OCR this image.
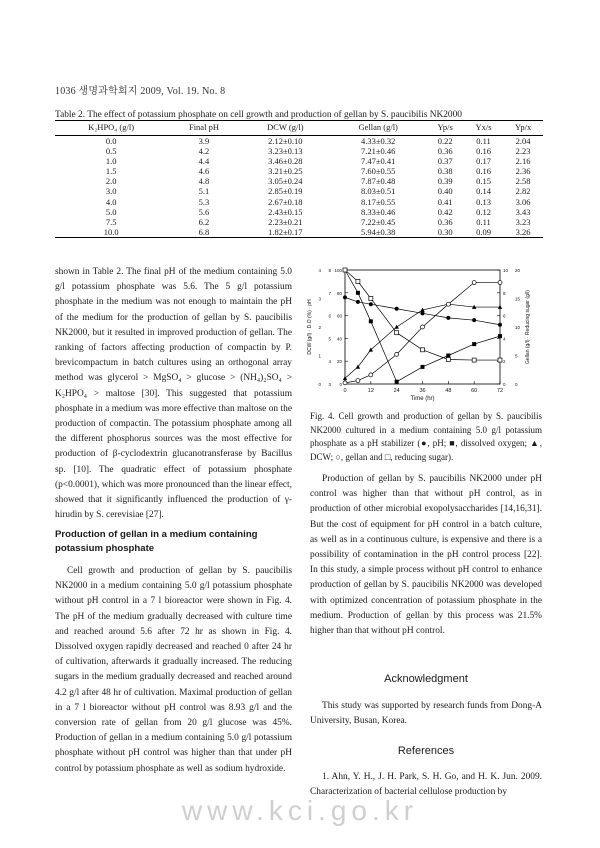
1036 생명과학회지 2009, Vol. 19. No. 8
Table 2. The effect of potassium phosphate on cell growth and production of gellan by S. paucibilis NK2000
K₂HPO₄ (g/l)	Final pH	DCW (g/l)	Gellan (g/l)	Yp/s	Yx/s	Yp/x
0.0	3.9	2.12±0.10	4.33±0.32	0.22	0.11	2.04
0.5	4.2	3.23±0.13	7.21±0.46	0.36	0.16	2.23
1.0	4.4	3.46±0.28	7.47±0.41	0.37	0.17	2.16
1.5	4.6	3.21±0.25	7.60±0.55	0.38	0.16	2.36
2.0	4.8	3.05±0.24	7.87±0.48	0.39	0.15	2.58
3.0	5.1	2.85±0.19	8.03±0.51	0.40	0.14	2.82
4.0	5.3	2.67±0.18	8.17±0.55	0.41	0.13	3.06
5.0	5.6	2.43±0.15	8.33±0.46	0.42	0.12	3.43
7.5	6.2	2.23±0.21	7.22±0.45	0.36	0.11	3.23
10.0	6.8	1.82±0.17	5.94±0.38	0.30	0.09	3.26
shown in Table 2. The final pH of the medium containing 5.0 g/l potassium phosphate was 5.6. The 5 g/l potassium phosphate in the medium was not enough to maintain the pH of the medium for the production of gellan by S. paucibilis NK2000, but it resulted in improved production of gellan. The ranking of factors affecting production of compactin by P. brevicompactum in batch cultures using an orthogonal array method was glycerol > MgSO₄ > glucose > (NH₄)₂SO₄ > K₂HPO₄ > maltose [30]. This suggested that potassium phosphate in a medium was more effective than maltose on the production of compactin. The potassium phosphate among all the different phosphorus sources was the most effective for production of β-cyclodextrin glucanotransferase by Bacillus sp. [10]. The quadratic effect of potassium phosphate (p<0.0001), which was more pronounced than the linear effect, showed that it significantly influenced the production of γ-hirudin by S. cerevisiae [27].
Production of gellan in a medium containing potassium phosphate
Cell growth and production of gellan by S. paucibilis NK2000 in a medium containing 5.0 g/l potassium phosphate without pH control in a 7 l bioreactor were shown in Fig. 4. The pH of the medium gradually decreased with culture time and reached around 5.6 after 72 hr as shown in Fig. 4. Dissolved oxygen rapidly decreased and reached 0 after 24 hr of cultivation, afterwards it gradually increased. The reducing sugars in the medium gradually decreased and reached around 4.2 g/l after 48 hr of cultivation. Maximal production of gellan in a 7 l bioreactor without pH control was 8.93 g/l and the conversion rate of gellan from 20 g/l glucose was 45%. Production of gellan in a medium containing 5.0 g/l potassium phosphate without pH control was higher than that under pH control by potassium phosphate as well as sodium hydroxide.
0	12	24	36	48	60	72
Time (hr)
100
8
80
7
60
6
40
5
20
4
0
3
4
3
2
1
0
10
8
6
4
2
0
20
15
10
5
0
DCW (g/l) · D.O (%) · pH	Gellan (g/l) · Reducing sugar (g/l)
Fig. 4. Cell growth and production of gellan by S. paucibilis NK2000 cultured in a medium containing 5.0 g/l potassium phosphate as a pH stabilizer (●, pH; ■, dissolved oxygen; ▲, DCW; ○, gellan and □, reducing sugar).
Production of gellan by S. paucibilis NK2000 under pH control was higher than that without pH control, as in production of other microbial exopolysaccharides [14,16,31]. But the cost of equipment for pH control in a batch culture, as well as in a continuous culture, is expensive and there is a possibility of contamination in the pH control process [22]. In this study, a simple process without pH control to enhance production of gellan by S. paucibilis NK2000 was developed with optimized concentration of potassium phosphate in the medium. Production of gellan by this process was 21.5% higher than that without pH control.
Acknowledgment
This study was supported by research funds from Dong-A University, Busan, Korea.
References
1. Ahn, Y. H., J. H. Park, S. H. Go, and H. K. Jun. 2009. Characterization of bacterial cellulose production by
www.kci.go.kr
